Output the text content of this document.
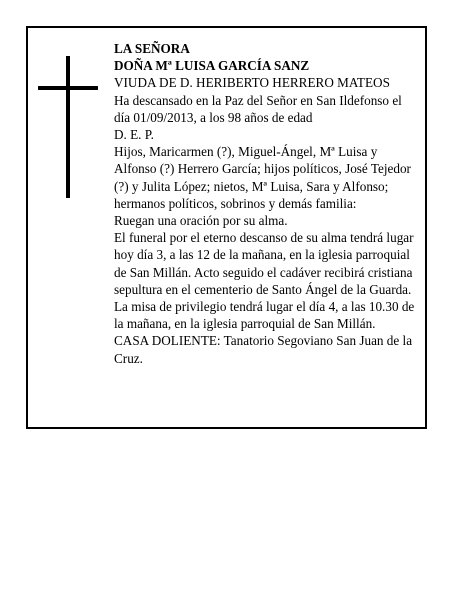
LA SEÑORA

DOÑA Mª LUISA GARCÍA SANZ

VIUDA DE D. HERIBERTO HERRERO MATEOS

Ha descansado en la Paz del Señor en San Ildefonso el día 01/09/2013, a los 98 años de edad

D. E. P.

Hijos, Maricarmen (?), Miguel-Ángel, Mª Luisa y Alfonso (?) Herrero García; hijos políticos, José Tejedor (?) y Julita López; nietos, Mª Luisa, Sara y Alfonso; hermanos políticos, sobrinos y demás familia:

Ruegan una oración por su alma.

El funeral por el eterno descanso de su alma tendrá lugar hoy día 3, a las 12 de la mañana, en la iglesia parroquial de San Millán. Acto seguido el cadáver recibirá cristiana sepultura en el cementerio de Santo Ángel de la Guarda. La misa de privilegio tendrá lugar el día 4, a las 10.30 de la mañana, en la iglesia parroquial de San Millán.

CASA DOLIENTE: Tanatorio Segoviano San Juan de la Cruz.
